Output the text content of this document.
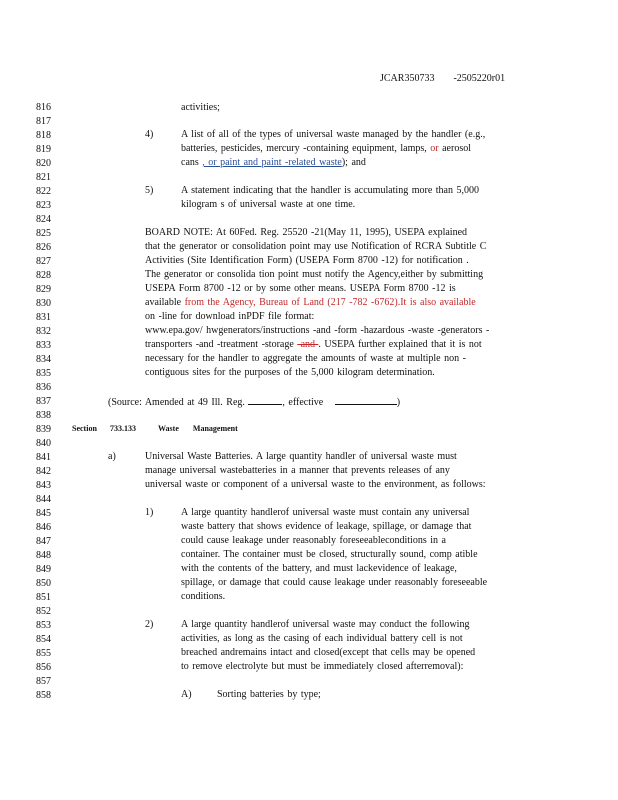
JCAR350733 -2505220r01
816
817
818
819
820
821
822
823
824
825
826
827
828
829
830
831
832
833
834
835
836
837
838
839
840
841
842
843
844
845
846
847
848
849
850
851
852
853
854
855
856
857
858
activities;
4)	A list of all of the types of universal waste managed by the handler (e.g.,
batteries, pesticides, mercury -containing equipment, lamps, or aerosol
cans , or paint and paint -related waste); and
5)	A statement indicating that the handler is accumulating more than 5,000
kilogram s of universal waste at one time.
BOARD NOTE: At 60Fed. Reg. 25520 -21(May 11, 1995), USEPA explained
that the generator or consolidation point may use Notification of RCRA Subtitle C
Activities (Site Identification Form) (USEPA Form 8700 -12) for notification .
The generator or consolida tion point must notify the Agency,either by submitting
USEPA Form 8700 -12 or by some other means. USEPA Form 8700 -12 is
available from the Agency, Bureau of Land (217 -782 -6762).It is also available
on -line for download inPDF file format:
www.epa.gov/ hwgenerators/instructions -and -form -hazardous -waste -generators -
transporters -and -treatment -storage -and-. USEPA further explained that it is not
necessary for the handler to aggregate the amounts of waste at multiple non -
contiguous sites for the purposes of the 5,000 kilogram determination.
(Source: Amended at 49 Ill. Reg.	, effective	)
Section 733.133	Waste Management
a)	Universal Waste Batteries. A large quantity handler of universal waste must
manage universal wastebatteries in a manner that prevents releases of any
universal waste or component of a universal waste to the environment, as follows:
1)	A large quantity handlerof universal waste must contain any universal
waste battery that shows evidence of leakage, spillage, or damage that
could cause leakage under reasonably foreseeableconditions in a
container. The container must be closed, structurally sound, comp atible
with the contents of the battery, and must lackevidence of leakage,
spillage, or damage that could cause leakage under reasonably foreseeable
conditions.
2)	A large quantity handlerof universal waste may conduct the following
activities, as long as the casing of each individual battery cell is not
breached andremains intact and closed(except that cells may be opened
to remove electrolyte but must be immediately closed afterremoval):
A)	Sorting batteries by type;
